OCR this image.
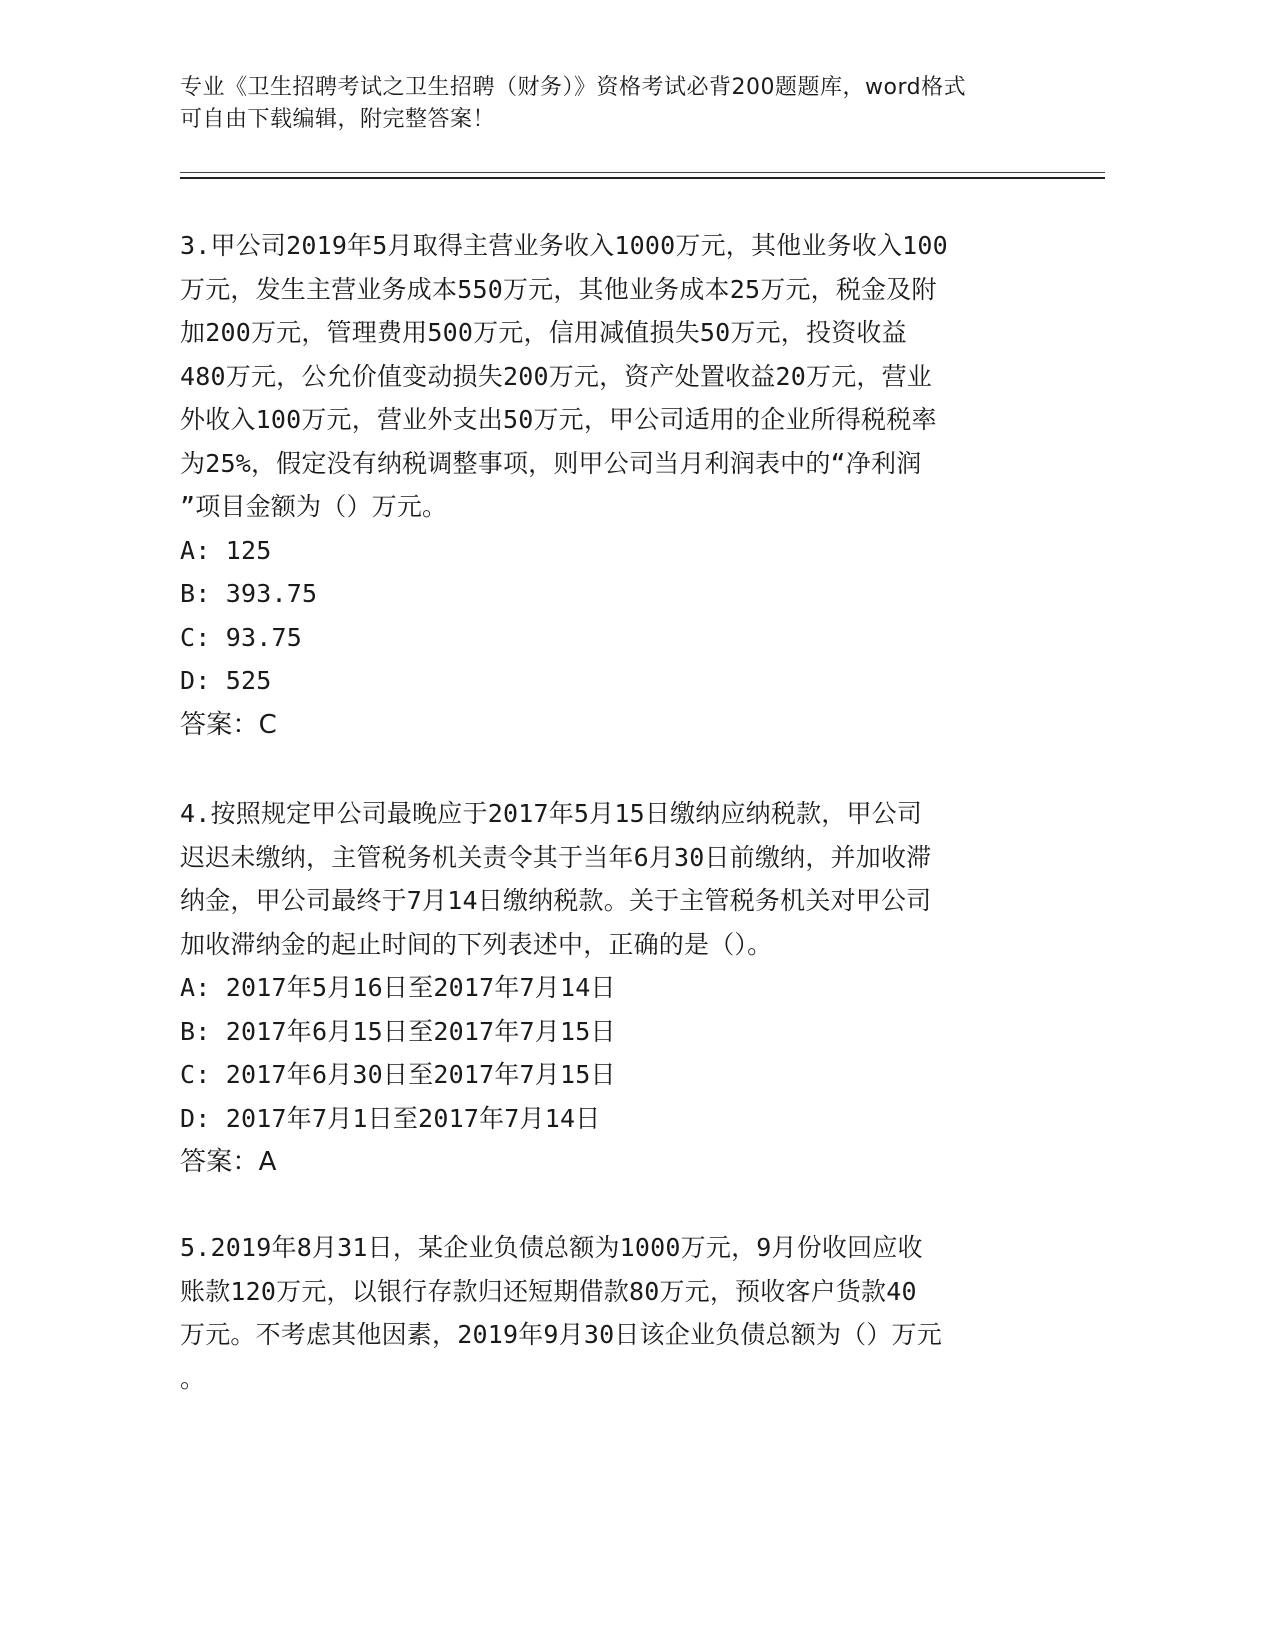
专业《卫生招聘考试之卫生招聘（财务）》资格考试必背200题题库，word格式
可自由下载编辑，附完整答案！
3.甲公司2019年5月取得主营业务收入1000万元，其他业务收入100
万元，发生主营业务成本550万元，其他业务成本25万元，税金及附
加200万元，管理费用500万元，信用减值损失50万元，投资收益
480万元，公允价值变动损失200万元，资产处置收益20万元，营业
外收入100万元，营业外支出50万元，甲公司适用的企业所得税税率
为25%，假定没有纳税调整事项，则甲公司当月利润表中的“净利润
”项目金额为（）万元。
A: 125
B: 393.75
C: 93.75
D: 525
答案：C
4.按照规定甲公司最晚应于2017年5月15日缴纳应纳税款，甲公司
迟迟未缴纳，主管税务机关责令其于当年6月30日前缴纳，并加收滞
纳金，甲公司最终于7月14日缴纳税款。关于主管税务机关对甲公司
加收滞纳金的起止时间的下列表述中，正确的是（）。
A: 2017年5月16日至2017年7月14日
B: 2017年6月15日至2017年7月15日
C: 2017年6月30日至2017年7月15日
D: 2017年7月1日至2017年7月14日
答案：A
5.2019年8月31日，某企业负债总额为1000万元，9月份收回应收
账款120万元，以银行存款归还短期借款80万元，预收客户货款40
万元。不考虑其他因素，2019年9月30日该企业负债总额为（）万元
。
